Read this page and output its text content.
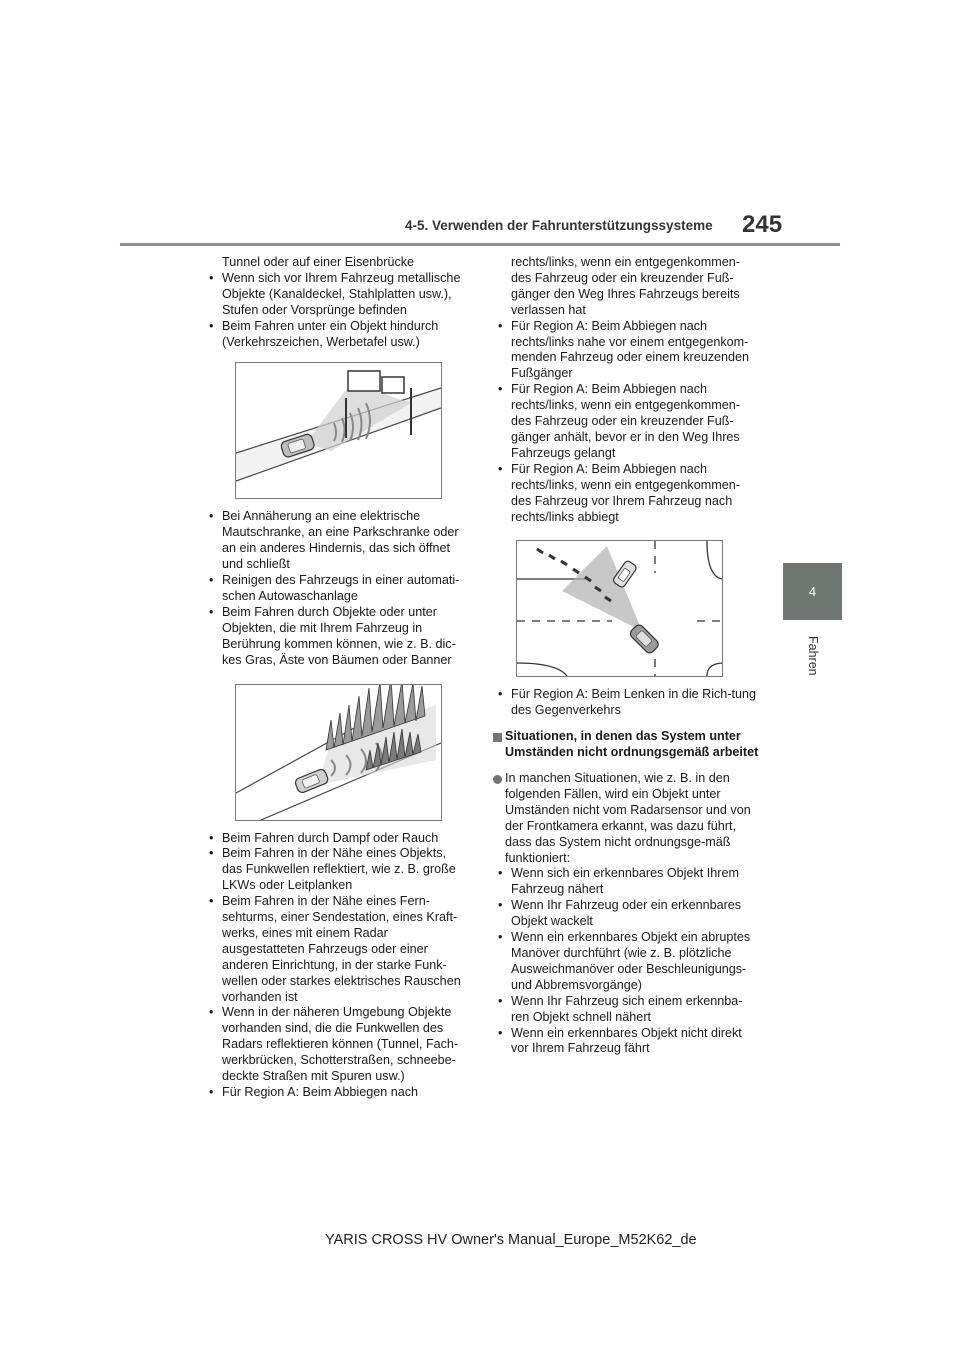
4-5. Verwenden der Fahrunterstützungssysteme 245
4
Fahren

Tunnel oder auf einer Eisenbrücke

• Wenn sich vor Ihrem Fahrzeug metallische Objekte (Kanaldeckel, Stahlplatten usw.), Stufen oder Vorsprünge befinden

• Beim Fahren unter ein Objekt hindurch (Verkehrszeichen, Werbetafel usw.)

• Bei Annäherung an eine elektrische Mautschranke, an eine Parkschranke oder an ein anderes Hindernis, das sich öffnet und schließt

• Reinigen des Fahrzeugs in einer automati-schen Autowaschanlage

• Beim Fahren durch Objekte oder unter Objekten, die mit Ihrem Fahrzeug in Berührung kommen können, wie z. B. dic-kes Gras, Äste von Bäumen oder Banner

• Beim Fahren durch Dampf oder Rauch

• Beim Fahren in der Nähe eines Objekts, das Funkwellen reflektiert, wie z. B. große LKWs oder Leitplanken

• Beim Fahren in der Nähe eines Fern-sehturms, einer Sendestation, eines Kraft-werks, eines mit einem Radar ausgestatteten Fahrzeugs oder einer anderen Einrichtung, in der starke Funk-wellen oder starkes elektrisches Rauschen vorhanden ist

• Wenn in der näheren Umgebung Objekte vorhanden sind, die die Funkwellen des Radars reflektieren können (Tunnel, Fach-werkbrücken, Schotterstraßen, schneebe-deckte Straßen mit Spuren usw.)

• Für Region A: Beim Abbiegen nach

rechts/links, wenn ein entgegenkommen-des Fahrzeug oder ein kreuzender Fuß-gänger den Weg Ihres Fahrzeugs bereits verlassen hat

• Für Region A: Beim Abbiegen nach rechts/links nahe vor einem entgegenkom-menden Fahrzeug oder einem kreuzenden Fußgänger

• Für Region A: Beim Abbiegen nach rechts/links, wenn ein entgegenkommen-des Fahrzeug oder ein kreuzender Fuß-gänger anhält, bevor er in den Weg Ihres Fahrzeugs gelangt

• Für Region A: Beim Abbiegen nach rechts/links, wenn ein entgegenkommen-des Fahrzeug vor Ihrem Fahrzeug nach rechts/links abbiegt

• Für Region A: Beim Lenken in die Rich-tung des Gegenverkehrs

Situationen, in denen das System unter Umständen nicht ordnungsgemäß arbeitet

In manchen Situationen, wie z. B. in den folgenden Fällen, wird ein Objekt unter Umständen nicht vom Radarsensor und von der Frontkamera erkannt, was dazu führt, dass das System nicht ordnungsge-mäß funktioniert:

• Wenn sich ein erkennbares Objekt Ihrem Fahrzeug nähert

• Wenn Ihr Fahrzeug oder ein erkennbares Objekt wackelt

• Wenn ein erkennbares Objekt ein abruptes Manöver durchführt (wie z. B. plötzliche Ausweichmanöver oder Beschleunigungs- und Abbremsvorgänge)

• Wenn Ihr Fahrzeug sich einem erkennba-ren Objekt schnell nähert

• Wenn ein erkennbares Objekt nicht direkt vor Ihrem Fahrzeug fährt

YARIS CROSS HV Owner's Manual_Europe_M52K62_de
